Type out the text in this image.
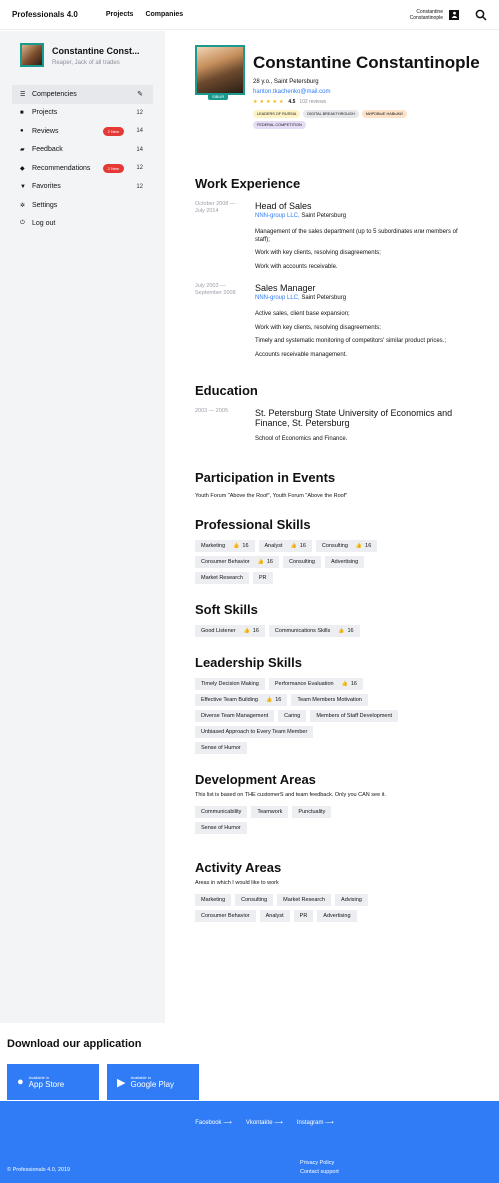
Professionals 4.0	Projects Companies	Constantine
Constantinople
Constantine Const...
Reaper, Jack of all trades
☰ Competencies	✎
■	Projects	12
●	Reviews	2 New	14
▰	Feedback	14
◆	Recommendations	2 New	12
▼ Favorites	12
✲ Settings
⏻	Log out
SIBUR
Constantine Constantinople
28 y.o., Saint Petersburg
hanton.tkachenko@mail.com
★ ★ ★ ★ ★ 4.5 102 reviews
LEADERS OF RUSSIA	DIGITAL BREAKTHROUGH	МИРОВЫЕ НАВЫКИ
FEDERAL COMPETITION
Work Experience
October 2008 —
July 2014	Head of Sales
NNN-group LLC, Saint Petersburg
Management of the sales department (up to 5 subordinates или members of staff);
Work with key clients, resolving disagreements;
Work with accounts receivable.
July 2003 —
September 2008	Sales Manager
NNN-group LLC, Saint Petersburg
Active sales, client base expansion;
Work with key clients, resolving disagreements;
Timely and systematic monitoring of competitors' similar product prices.;
Accounts receivable management.
Education
2003 — 2005	St. Petersburg State University of Economics and Finance, St. Petersburg
School of Economics and Finance.
Participation in Events
Youth Forum "Above the Roof", Youth Forum "Above the Roof"
Professional Skills
Marketing 👍 16	Analyst 👍 16	Consulting 👍 16
Consumer Behavior 👍 16	Consulting	Advertising
Market Research	PR
Soft Skills
Good Listener 👍 16	Communications Skills 👍 16
Leadership Skills
Timely Decision Making	Performance Evaluation 👍 16
Effective Team Building 👍 16	Team Members Motivation
Diverse Team Management	Caring	Members of Staff Development
Unbiased Approach to Every Team Member
Sense of Humor
Development Areas
This list is based on THE customerS and team feedback. Only you CAN see it.
Communicability	Teamwork	Punctuality
Sense of Humor
Activity Areas
Areas in which I would like to work
Marketing	Consulting	Market Research	Advising
Consumer Behavior	Analyst	PR	Advertising
Download our application
● Available in
App Store	▶ Available in
Google Play
Facebook ⟶ Vkontakte ⟶ Instagram ⟶
Privacy Policy
Contact support
© Professionals 4.0, 2019
